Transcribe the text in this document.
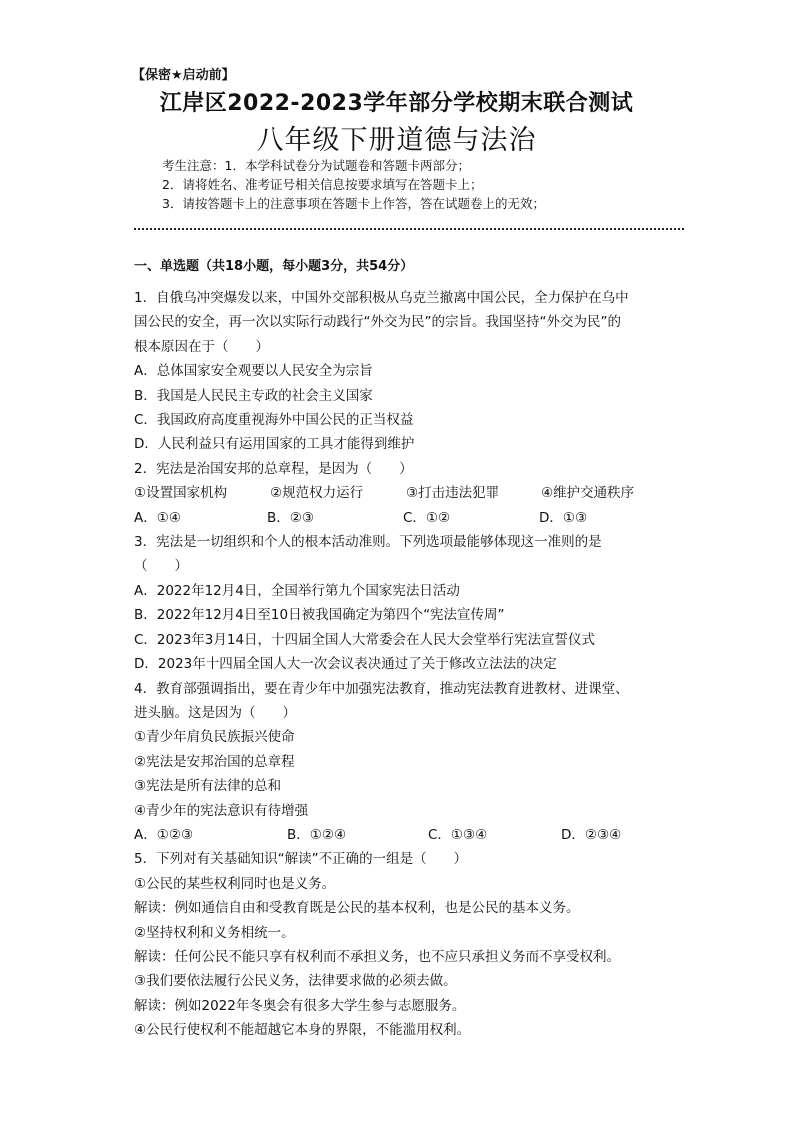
【保密★启动前】
江岸区2022-2023学年部分学校期末联合测试
八年级下册道德与法治
考生注意：1．本学科试卷分为试题卷和答题卡两部分；
2．请将姓名、准考证号相关信息按要求填写在答题卡上；
3．请按答题卡上的注意事项在答题卡上作答，答在试题卷上的无效；
一、单选题（共18小题，每小题3分，共54分）
1．自俄乌冲突爆发以来，中国外交部积极从乌克兰撤离中国公民，全力保护在乌中
国公民的安全，再一次以实际行动践行“外交为民”的宗旨。我国坚持“外交为民”的
根本原因在于（　　）
A．总体国家安全观要以人民安全为宗旨
B．我国是人民民主专政的社会主义国家
C．我国政府高度重视海外中国公民的正当权益
D．人民利益只有运用国家的工具才能得到维护
2．宪法是治国安邦的总章程，是因为（　　）
①设置国家机构	②规范权力运行	③打击违法犯罪	④维护交通秩序
A．①④	B．②③	C．①②	D．①③
3．宪法是一切组织和个人的根本活动准则。下列选项最能够体现这一准则的是
（　　）
A．2022年12月4日，全国举行第九个国家宪法日活动
B．2022年12月4日至10日被我国确定为第四个“宪法宣传周”
C．2023年3月14日，十四届全国人大常委会在人民大会堂举行宪法宣誓仪式
D．2023年十四届全国人大一次会议表决通过了关于修改立法法的决定
4．教育部强调指出，要在青少年中加强宪法教育，推动宪法教育进教材、进课堂、
进头脑。这是因为（　　）
①青少年肩负民族振兴使命
②宪法是安邦治国的总章程
③宪法是所有法律的总和
④青少年的宪法意识有待增强
A．①②③	B．①②④	C．①③④	D．②③④
5．下列对有关基础知识“解读”不正确的一组是（　　）
①公民的某些权利同时也是义务。
解读：例如通信自由和受教育既是公民的基本权利，也是公民的基本义务。
②坚持权利和义务相统一。
解读：任何公民不能只享有权利而不承担义务，也不应只承担义务而不享受权利。
③我们要依法履行公民义务，法律要求做的必须去做。
解读：例如2022年冬奥会有很多大学生参与志愿服务。
④公民行使权利不能超越它本身的界限，不能滥用权利。
